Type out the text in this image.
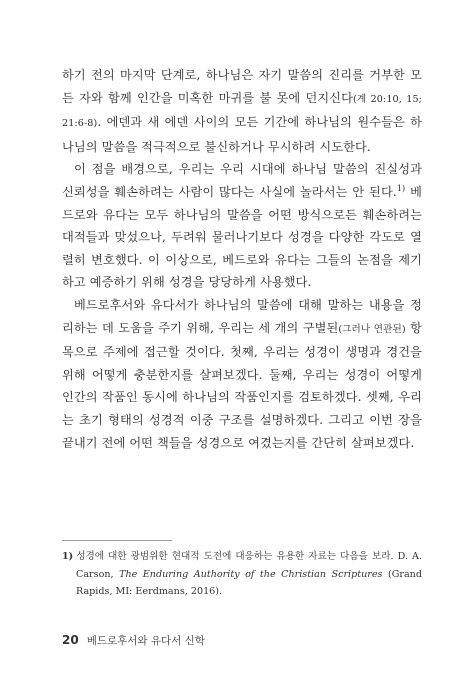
하기 전의 마지막 단계로, 하나님은 자기 말씀의 진리를 거부한 모든 자와 함께 인간을 미혹한 마귀를 불 못에 던지신다(계 20:10, 15; 21:6-8). 에덴과 새 에덴 사이의 모든 기간에 하나님의 원수들은 하나님의 말씀을 적극적으로 불신하거나 무시하려 시도한다.

이 점을 배경으로, 우리는 우리 시대에 하나님 말씀의 진실성과 신뢰성을 훼손하려는 사람이 많다는 사실에 놀라서는 안 된다.$^{1)}$ 베드로와 유다는 모두 하나님의 말씀을 어떤 방식으로든 훼손하려는 대적들과 맞섰으나, 두려워 물러나기보다 성경을 다양한 각도로 열렬히 변호했다. 이 이상으로, 베드로와 유다는 그들의 논점을 제기하고 예증하기 위해 성경을 당당하게 사용했다.

베드로후서와 유다서가 하나님의 말씀에 대해 말하는 내용을 정리하는 데 도움을 주기 위해, 우리는 세 개의 구별된(그러나 연관된) 항목으로 주제에 접근할 것이다. 첫째, 우리는 성경이 생명과 경건을 위해 어떻게 충분한지를 살펴보겠다. 둘째, 우리는 성경이 어떻게 인간의 작품인 동시에 하나님의 작품인지를 검토하겠다. 셋째, 우리는 초기 형태의 성경적 이중 구조를 설명하겠다. 그리고 이번 장을 끝내기 전에 어떤 책들을 성경으로 여겼는지를 간단히 살펴보겠다.

1) 성경에 대한 광범위한 현대적 도전에 대응하는 유용한 자료는 다음을 보라. D. A. Carson, The Enduring Authority of the Christian Scriptures (Grand Rapids, MI: Eerdmans, 2016).

20 베드로후서와 유다서 신학
